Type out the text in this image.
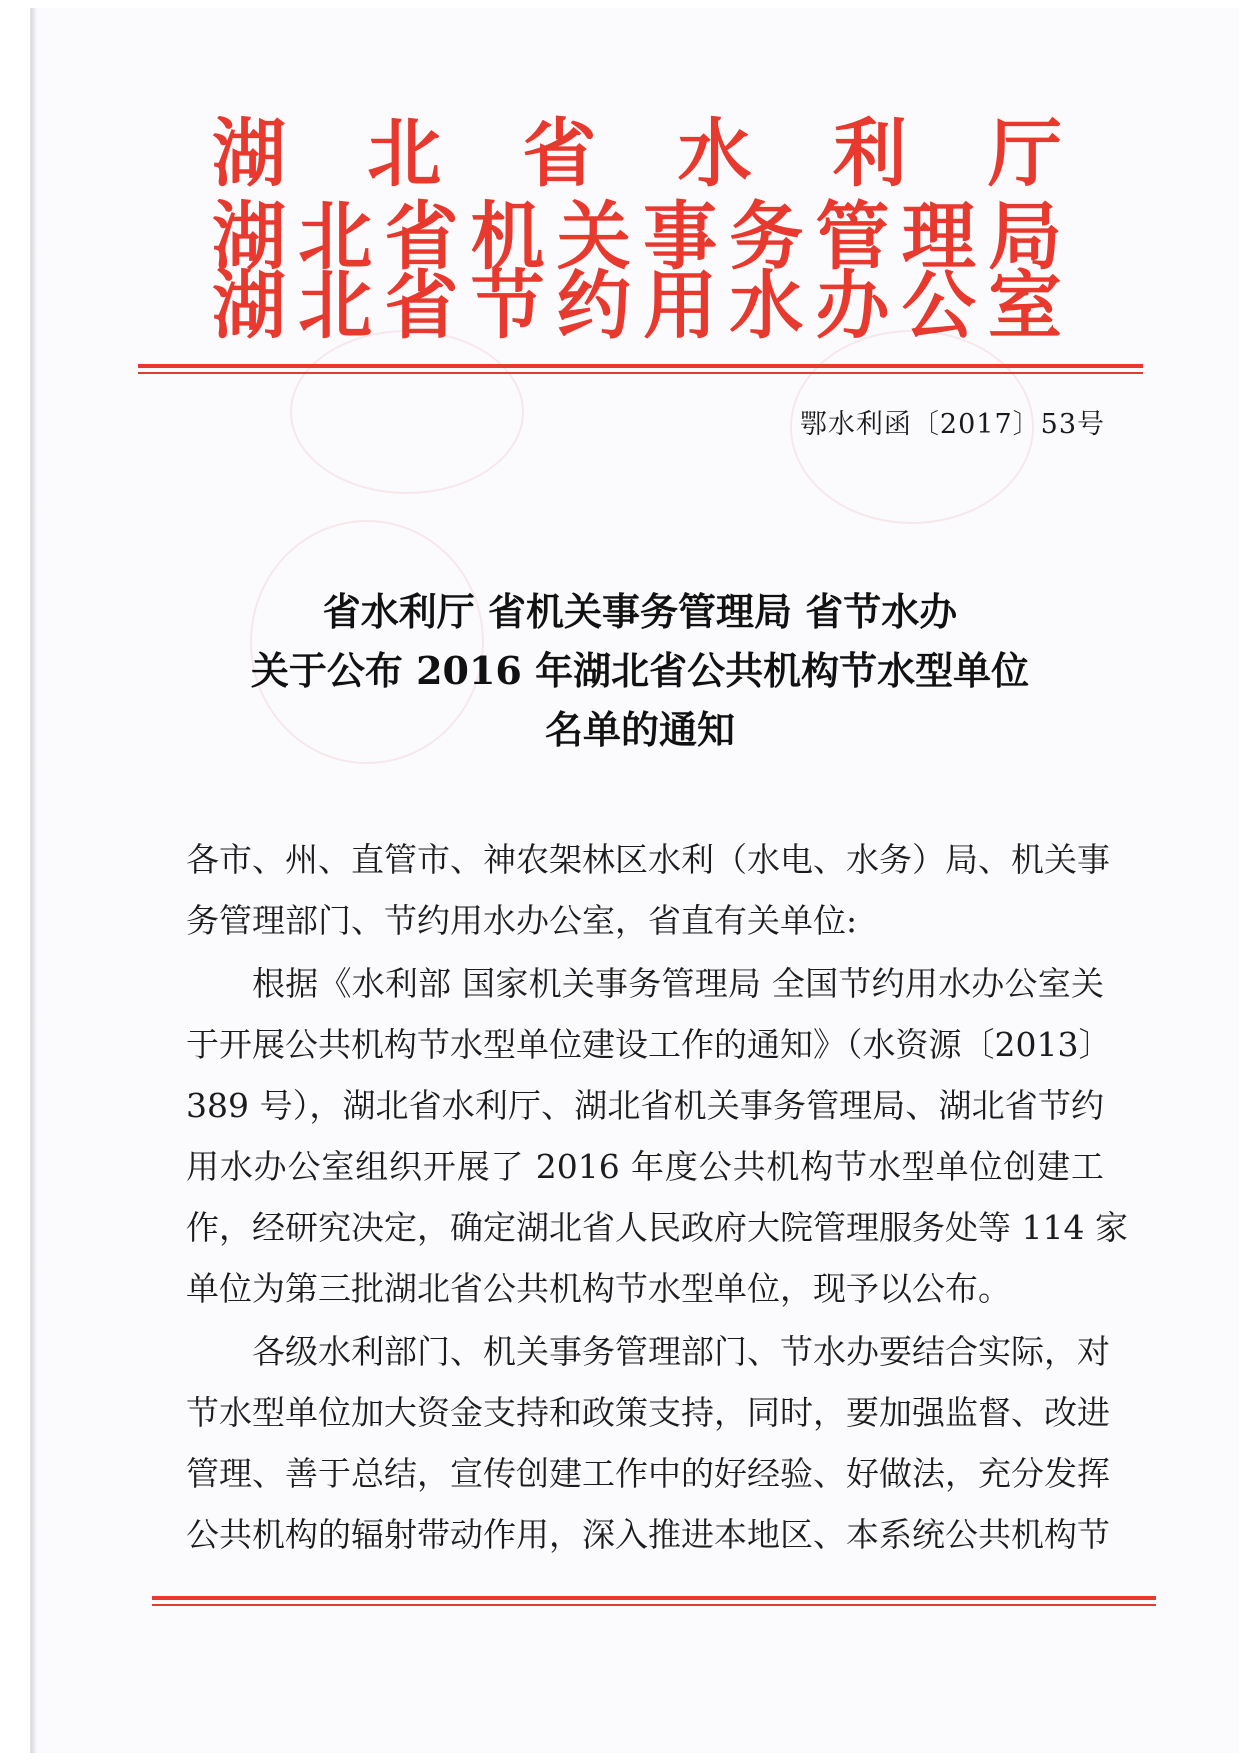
湖 北 省 水 利 厅
湖 北 省 机 关 事 务 管 理 局
湖 北 省 节 约 用 水 办 公 室
鄂水利函〔2017〕53号
省水利厅 省机关事务管理局 省节水办
关于公布 2016 年湖北省公共机构节水型单位
名单的通知
各市、州、直管市、神农架林区水利（水电、水务）局、机关事
务管理部门、节约用水办公室，省直有关单位:
根据《水利部 国家机关事务管理局 全国节约用水办公室关
于开展公共机构节水型单位建设工作的通知》（水资源〔2013〕
389 号），湖北省水利厅、湖北省机关事务管理局、湖北省节约
用水办公室组织开展了 2016 年度公共机构节水型单位创建工
作，经研究决定，确定湖北省人民政府大院管理服务处等 114 家
单位为第三批湖北省公共机构节水型单位，现予以公布。
各级水利部门、机关事务管理部门、节水办要结合实际，对
节水型单位加大资金支持和政策支持，同时，要加强监督、改进
管理、善于总结，宣传创建工作中的好经验、好做法，充分发挥
公共机构的辐射带动作用，深入推进本地区、本系统公共机构节
